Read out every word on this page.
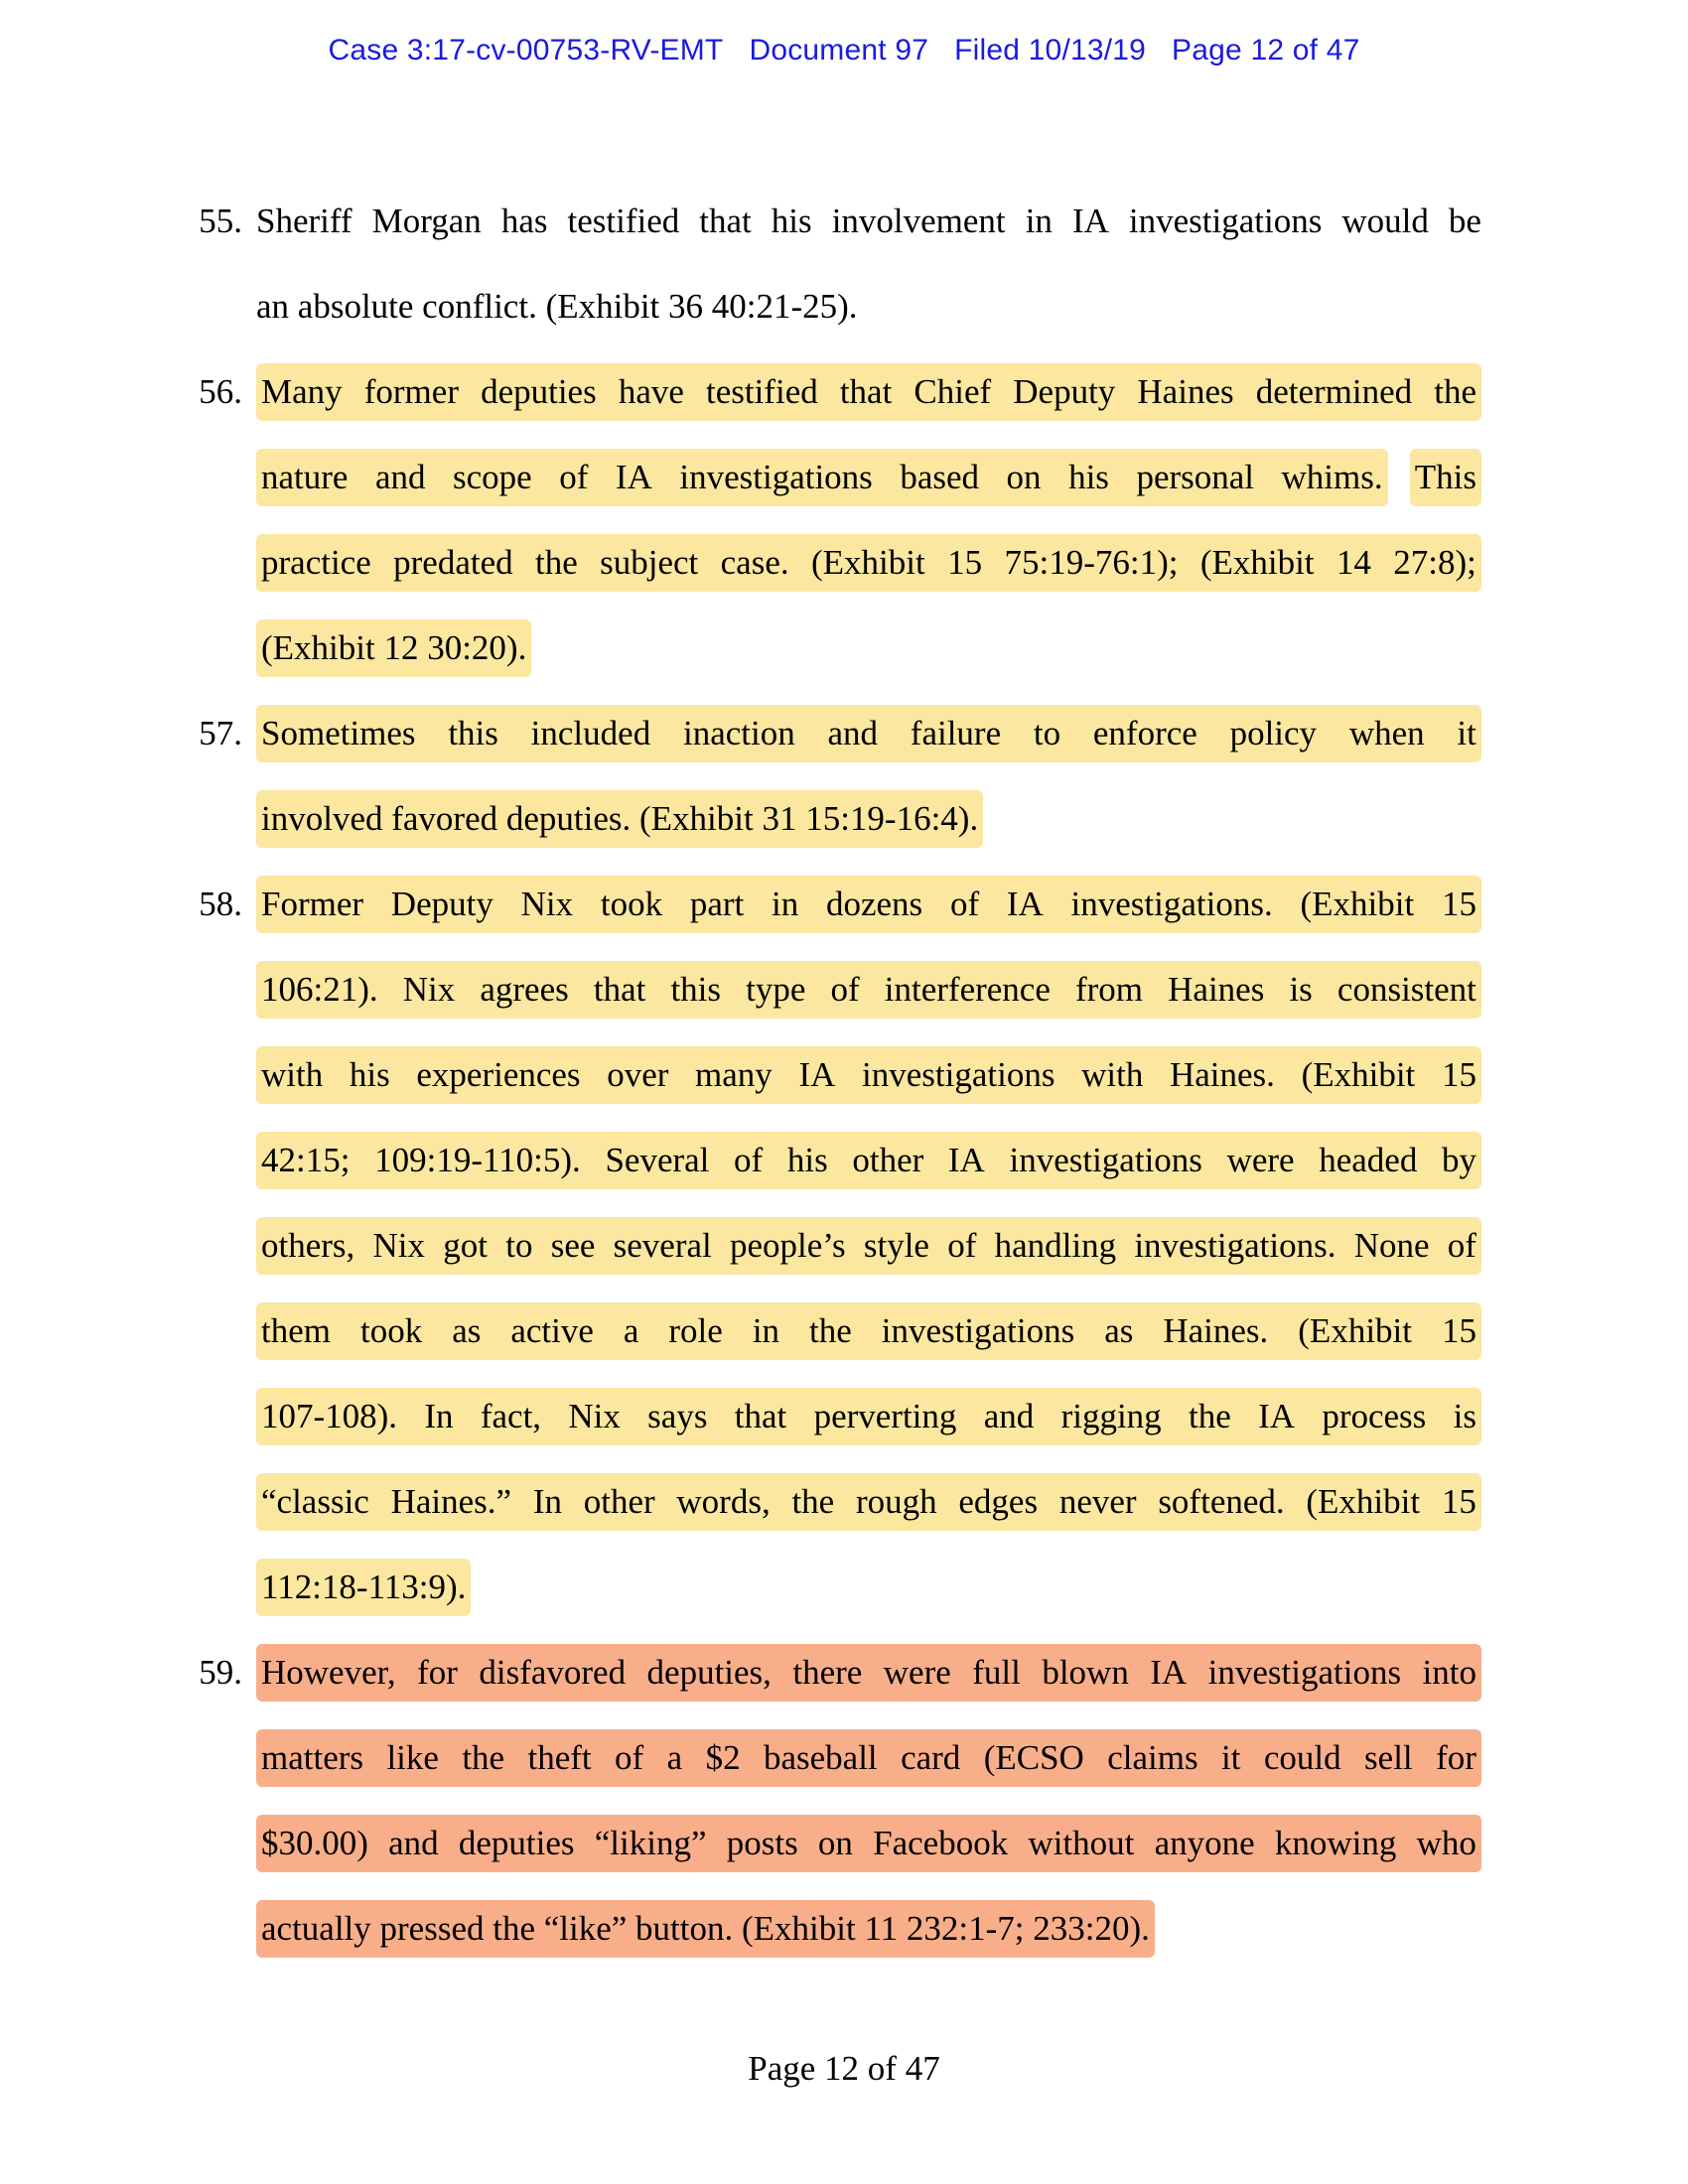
Case 3:17-cv-00753-RV-EMT Document 97 Filed 10/13/19 Page 12 of 47
55. Sheriff Morgan has testified that his involvement in IA investigations would be
an absolute conflict. (Exhibit 36 40:21-25).
56. Many former deputies have testified that Chief Deputy Haines determined the
nature and scope of IA investigations based on his personal whims. This
practice predated the subject case. (Exhibit 15 75:19-76:1); (Exhibit 14 27:8);
(Exhibit 12 30:20).
57. Sometimes this included inaction and failure to enforce policy when it
involved favored deputies. (Exhibit 31 15:19-16:4).
58. Former Deputy Nix took part in dozens of IA investigations. (Exhibit 15
106:21). Nix agrees that this type of interference from Haines is consistent
with his experiences over many IA investigations with Haines. (Exhibit 15
42:15; 109:19-110:5). Several of his other IA investigations were headed by
others, Nix got to see several people’s style of handling investigations. None of
them took as active a role in the investigations as Haines. (Exhibit 15
107-108). In fact, Nix says that perverting and rigging the IA process is
“classic Haines.” In other words, the rough edges never softened. (Exhibit 15
112:18-113:9).
59. However, for disfavored deputies, there were full blown IA investigations into
matters like the theft of a $2 baseball card (ECSO claims it could sell for
$30.00) and deputies “liking” posts on Facebook without anyone knowing who
actually pressed the “like” button. (Exhibit 11 232:1-7; 233:20).
Page 12 of 47
